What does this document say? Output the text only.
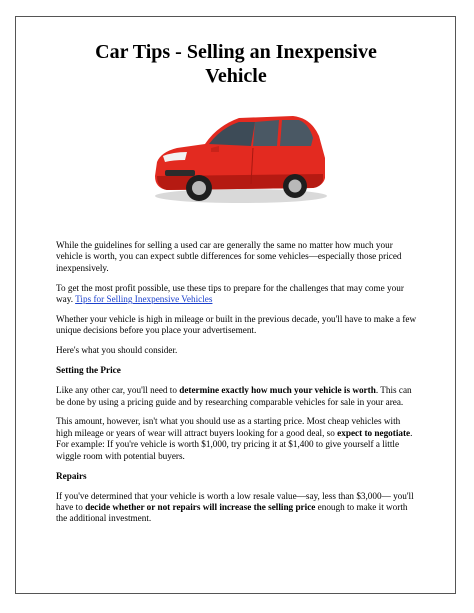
Car Tips - Selling an Inexpensive
Vehicle

While the guidelines for selling a used car are generally the same no matter how much your vehicle is worth, you can expect subtle differences for some vehicles—especially those priced inexpensively.

To get the most profit possible, use these tips to prepare for the challenges that may come your way. Tips for Selling Inexpensive Vehicles

Whether your vehicle is high in mileage or built in the previous decade, you'll have to make a few unique decisions before you place your advertisement.

Here's what you should consider.

Setting the Price

Like any other car, you'll need to determine exactly how much your vehicle is worth. This can be done by using a pricing guide and by researching comparable vehicles for sale in your area.

This amount, however, isn't what you should use as a starting price. Most cheap vehicles with high mileage or years of wear will attract buyers looking for a good deal, so expect to negotiate. For example: If you're vehicle is worth $1,000, try pricing it at $1,400 to give yourself a little wiggle room with potential buyers.

Repairs

If you've determined that your vehicle is worth a low resale value—say, less than $3,000— you'll have to decide whether or not repairs will increase the selling price enough to make it worth the additional investment.
